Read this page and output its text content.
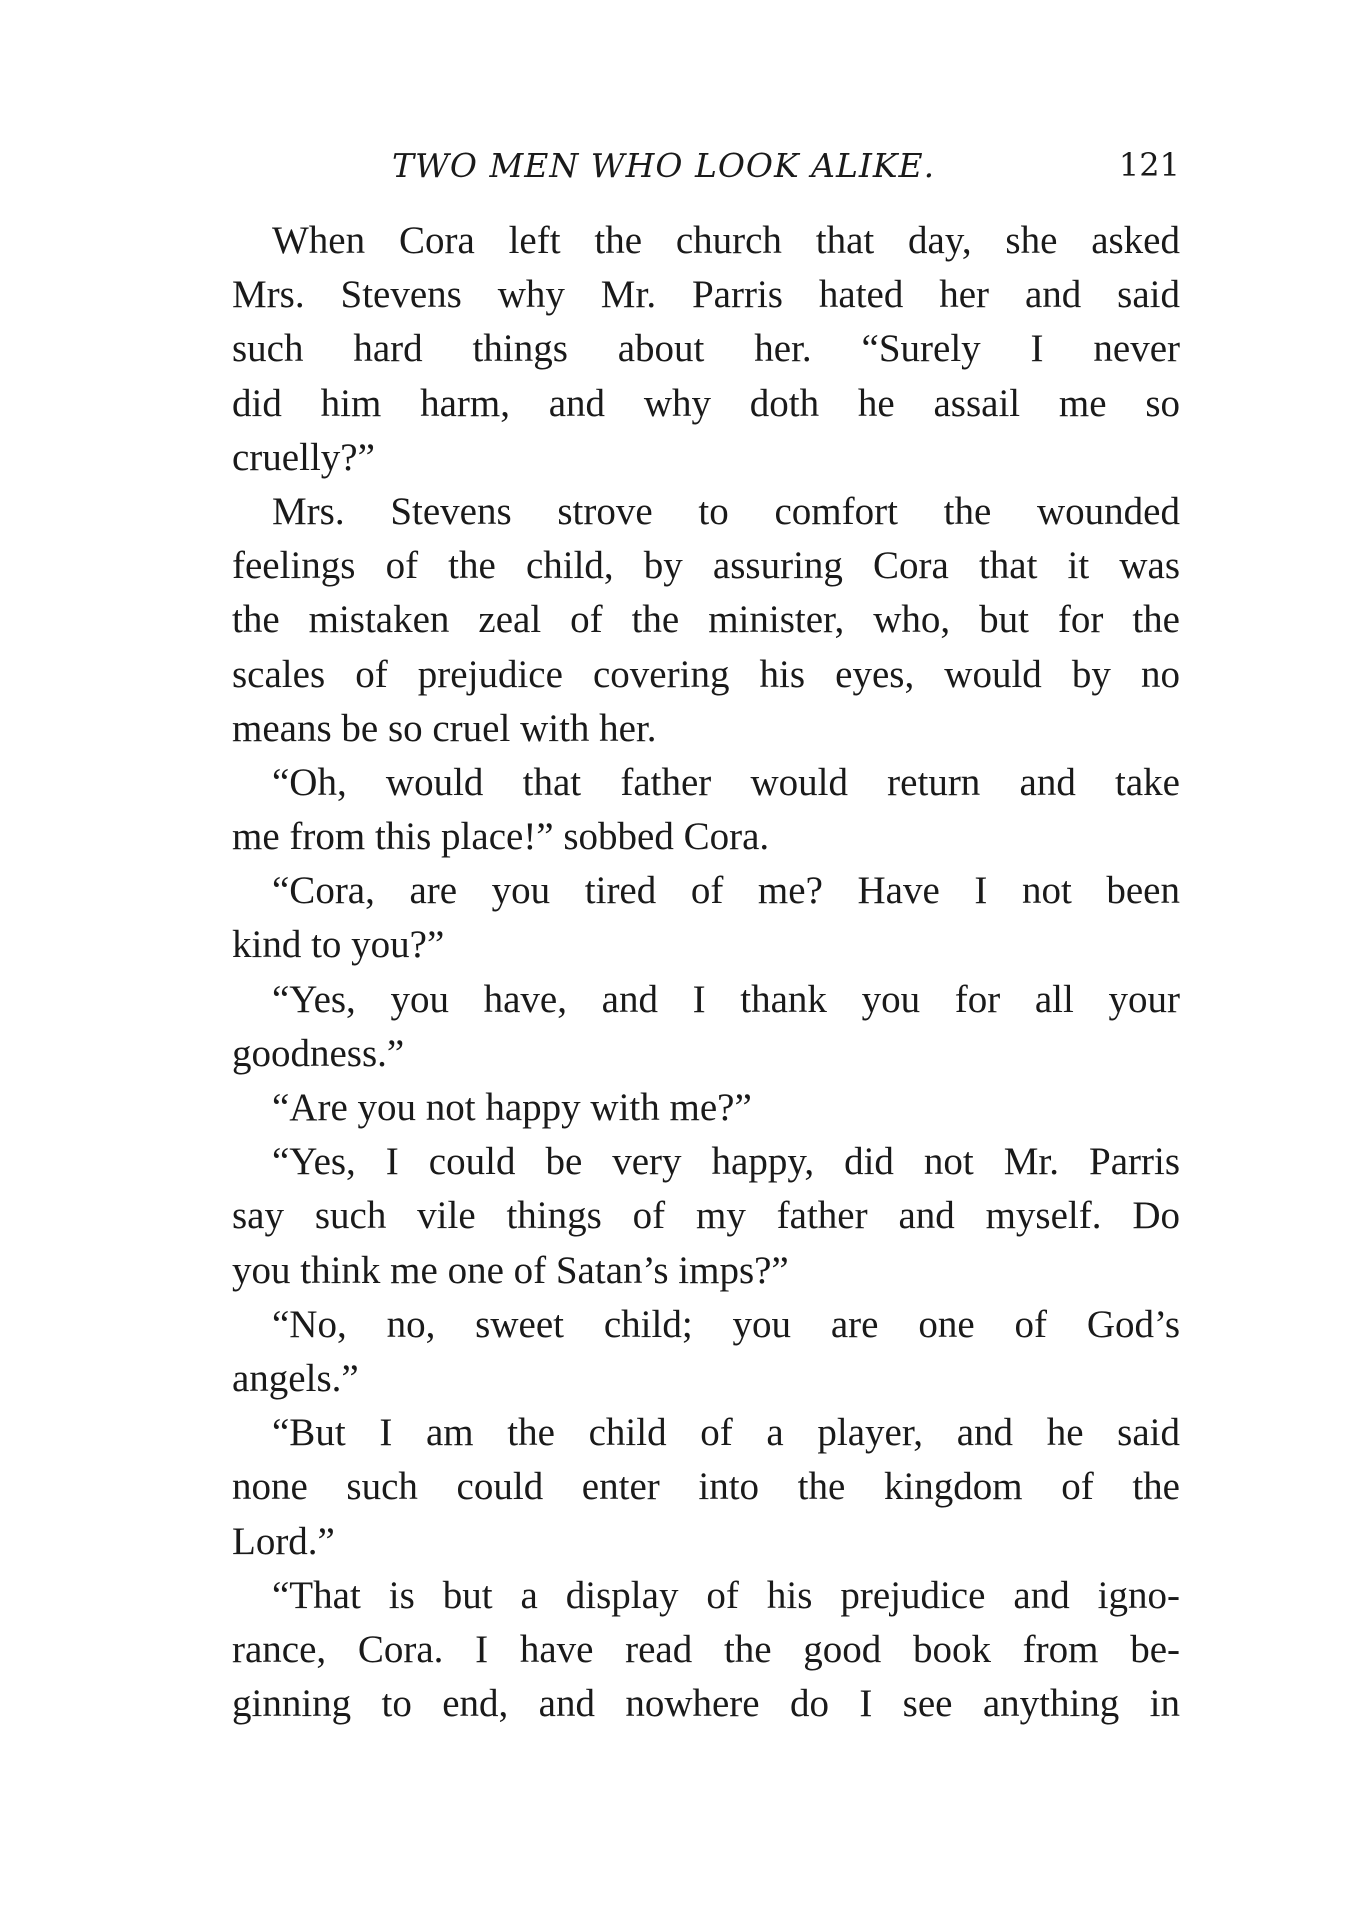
TWO MEN WHO LOOK ALIKE.	121
When Cora left the church that day, she asked
Mrs. Stevens why Mr. Parris hated her and said
such hard things about her. “Surely I never
did him harm, and why doth he assail me so
cruelly?”
Mrs. Stevens strove to comfort the wounded
feelings of the child, by assuring Cora that it was
the mistaken zeal of the minister, who, but for the
scales of prejudice covering his eyes, would by no
means be so cruel with her.
“Oh, would that father would return and take
me from this place!” sobbed Cora.
“Cora, are you tired of me? Have I not been
kind to you?”
“Yes, you have, and I thank you for all your
goodness.”
“Are you not happy with me?”
“Yes, I could be very happy, did not Mr. Parris
say such vile things of my father and myself. Do
you think me one of Satan’s imps?”
“No, no, sweet child; you are one of God’s
angels.”
“But I am the child of a player, and he said
none such could enter into the kingdom of the
Lord.”
“That is but a display of his prejudice and igno-
rance, Cora. I have read the good book from be-
ginning to end, and nowhere do I see anything in
